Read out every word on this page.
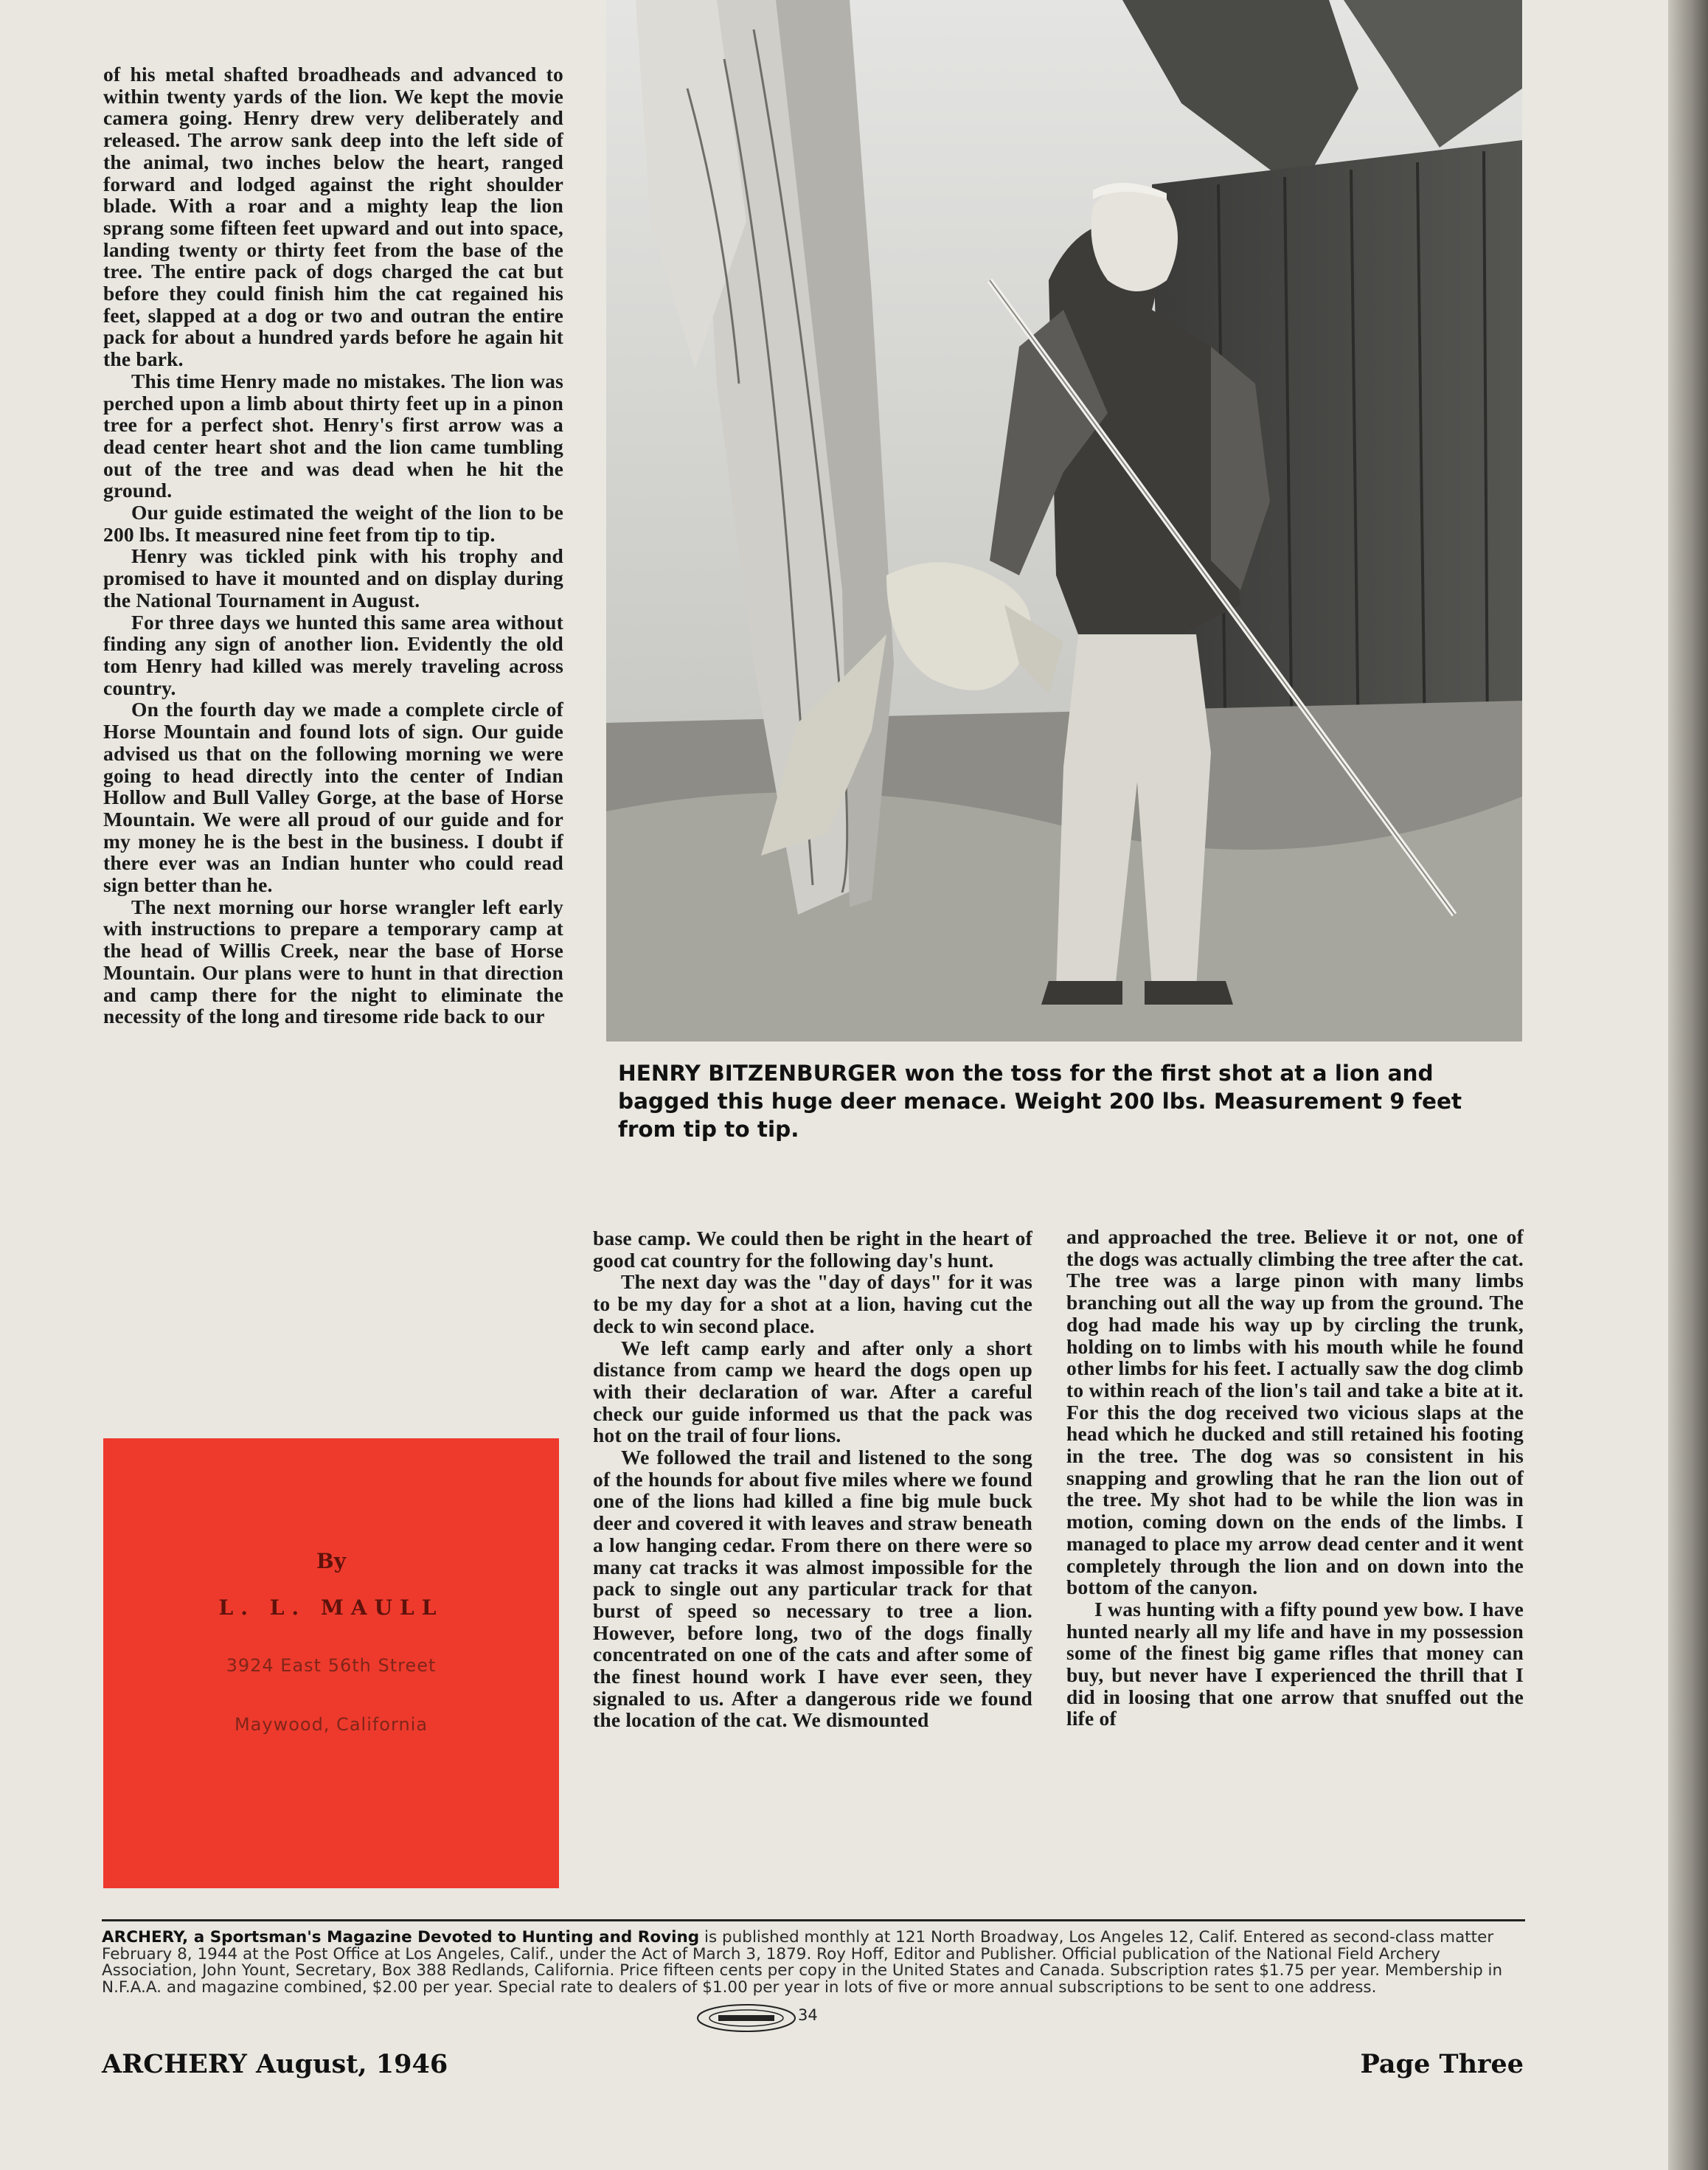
of his metal shafted broadheads and advanced to within twenty yards of the lion. We kept the movie camera going. Henry drew very deliberately and released. The arrow sank deep into the left side of the animal, two inches below the heart, ranged forward and lodged against the right shoulder blade. With a roar and a mighty leap the lion sprang some fifteen feet upward and out into space, landing twenty or thirty feet from the base of the tree. The entire pack of dogs charged the cat but before they could finish him the cat regained his feet, slapped at a dog or two and outran the entire pack for about a hundred yards before he again hit the bark.

This time Henry made no mistakes. The lion was perched upon a limb about thirty feet up in a pinon tree for a perfect shot. Henry's first arrow was a dead center heart shot and the lion came tumbling out of the tree and was dead when he hit the ground.

Our guide estimated the weight of the lion to be 200 lbs. It measured nine feet from tip to tip.

Henry was tickled pink with his trophy and promised to have it mounted and on display during the National Tournament in August.

For three days we hunted this same area without finding any sign of another lion. Evidently the old tom Henry had killed was merely traveling across country.

On the fourth day we made a complete circle of Horse Mountain and found lots of sign. Our guide advised us that on the following morning we were going to head directly into the center of Indian Hollow and Bull Valley Gorge, at the base of Horse Mountain. We were all proud of our guide and for my money he is the best in the business. I doubt if there ever was an Indian hunter who could read sign better than he.

The next morning our horse wrangler left early with instructions to prepare a temporary camp at the head of Willis Creek, near the base of Horse Mountain. Our plans were to hunt in that direction and camp there for the night to eliminate the necessity of the long and tiresome ride back to our

HENRY BITZENBURGER won the toss for the first shot at a lion and bagged this huge deer menace. Weight 200 lbs. Measurement 9 feet from tip to tip.
By
L. L. MAULL
3924 East 56th Street
Maywood, California

base camp. We could then be right in the heart of good cat country for the following day's hunt.

The next day was the "day of days" for it was to be my day for a shot at a lion, having cut the deck to win second place.

We left camp early and after only a short distance from camp we heard the dogs open up with their declaration of war. After a careful check our guide informed us that the pack was hot on the trail of four lions.

We followed the trail and listened to the song of the hounds for about five miles where we found one of the lions had killed a fine big mule buck deer and covered it with leaves and straw beneath a low hanging cedar. From there on there were so many cat tracks it was almost impossible for the pack to single out any particular track for that burst of speed so necessary to tree a lion. However, before long, two of the dogs finally concentrated on one of the cats and after some of the finest hound work I have ever seen, they signaled to us. After a dangerous ride we found the location of the cat. We dismounted

and approached the tree. Believe it or not, one of the dogs was actually climbing the tree after the cat. The tree was a large pinon with many limbs branching out all the way up from the ground. The dog had made his way up by circling the trunk, holding on to limbs with his mouth while he found other limbs for his feet. I actually saw the dog climb to within reach of the lion's tail and take a bite at it. For this the dog received two vicious slaps at the head which he ducked and still retained his footing in the tree. The dog was so consistent in his snapping and growling that he ran the lion out of the tree. My shot had to be while the lion was in motion, coming down on the ends of the limbs. I managed to place my arrow dead center and it went completely through the lion and on down into the bottom of the canyon.

I was hunting with a fifty pound yew bow. I have hunted nearly all my life and have in my possession some of the finest big game rifles that money can buy, but never have I experienced the thrill that I did in loosing that one arrow that snuffed out the life of

ARCHERY, a Sportsman's Magazine Devoted to Hunting and Roving is published monthly at 121 North Broadway, Los Angeles 12, Calif. Entered as second-class matter February 8, 1944 at the Post Office at Los Angeles, Calif., under the Act of March 3, 1879. Roy Hoff, Editor and Publisher. Official publication of the National Field Archery Association, John Yount, Secretary, Box 388 Redlands, California. Price fifteen cents per copy in the United States and Canada. Subscription rates $1.75 per year. Membership in N.F.A.A. and magazine combined, $2.00 per year. Special rate to dealers of $1.00 per year in lots of five or more annual subscriptions to be sent to one address.
34
ARCHERY August, 1946	Page Three
